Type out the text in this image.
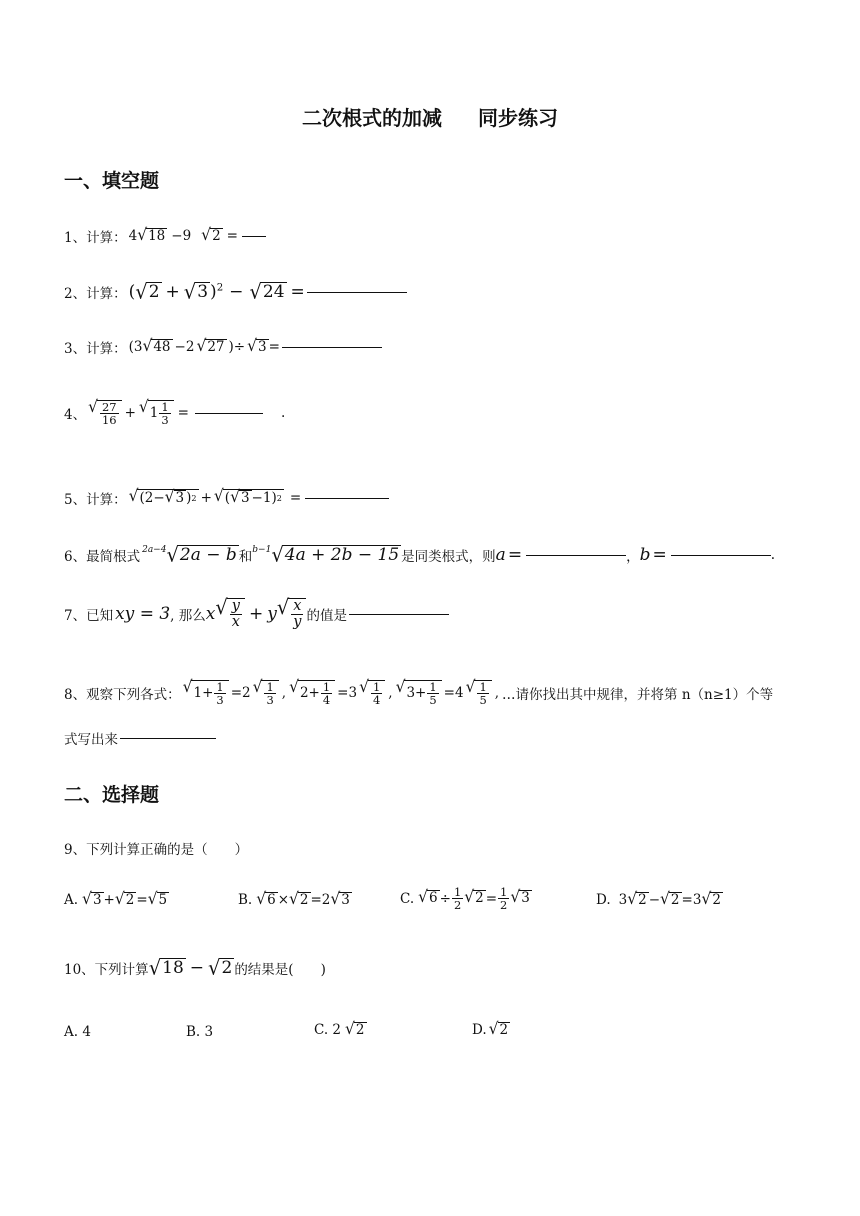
二次根式的加减 同步练习
一、填空题
1、计算： 4 √ 18 −9 √ 2 =
2、计算： ( √ 2 + √ 3 )$^2$ − √ 24 =
3、计算： (3 √ 48 −2 √ 27 )÷ √ 3 =
4、 √ $\frac{27}{16}$ + √ $1 \frac{1}{3}$ =	.
5、计算： √ (2− √ 3 ) 2 + √ ( √ 3 −1) 2 =
6、最简根式 2a−4 √ 2a − b 和 b−1 √ 4a + 2b − 15 是同类根式，则 a =	， b =	.
7、已知 xy = 3 , 那么 x √ $\frac{y}{x} + y$ √ $\frac{x}{y}$ 的值是
8、观察下列各式： √ $1+ \frac{1}{3} =2$ √ $\frac{1}{3}$ , √ $2+ \frac{1}{4} =3$ √ $\frac{1}{4}$ , √ $3+ \frac{1}{5} =4$ √ $\frac{1}{5}$ , …请你找出其中规律，并将第 n（n≥1）个等
式写出来
二、选择题
9、下列计算正确的是（　　）
A. √ 3 + √ 2 = √ 5	B. √ 6 × √ 2 =2 √ 3	C. √ $6 \div \frac{1}{2}$ √ $2 = \frac{1}{2}$ √ 3	D. 3 √ 2 − √ 2 =3 √ 2
10、下列计算 √ 18 − √ 2 的结果是(　　)
A. 4	B. 3	C. 2 √ 2	D. √ 2
